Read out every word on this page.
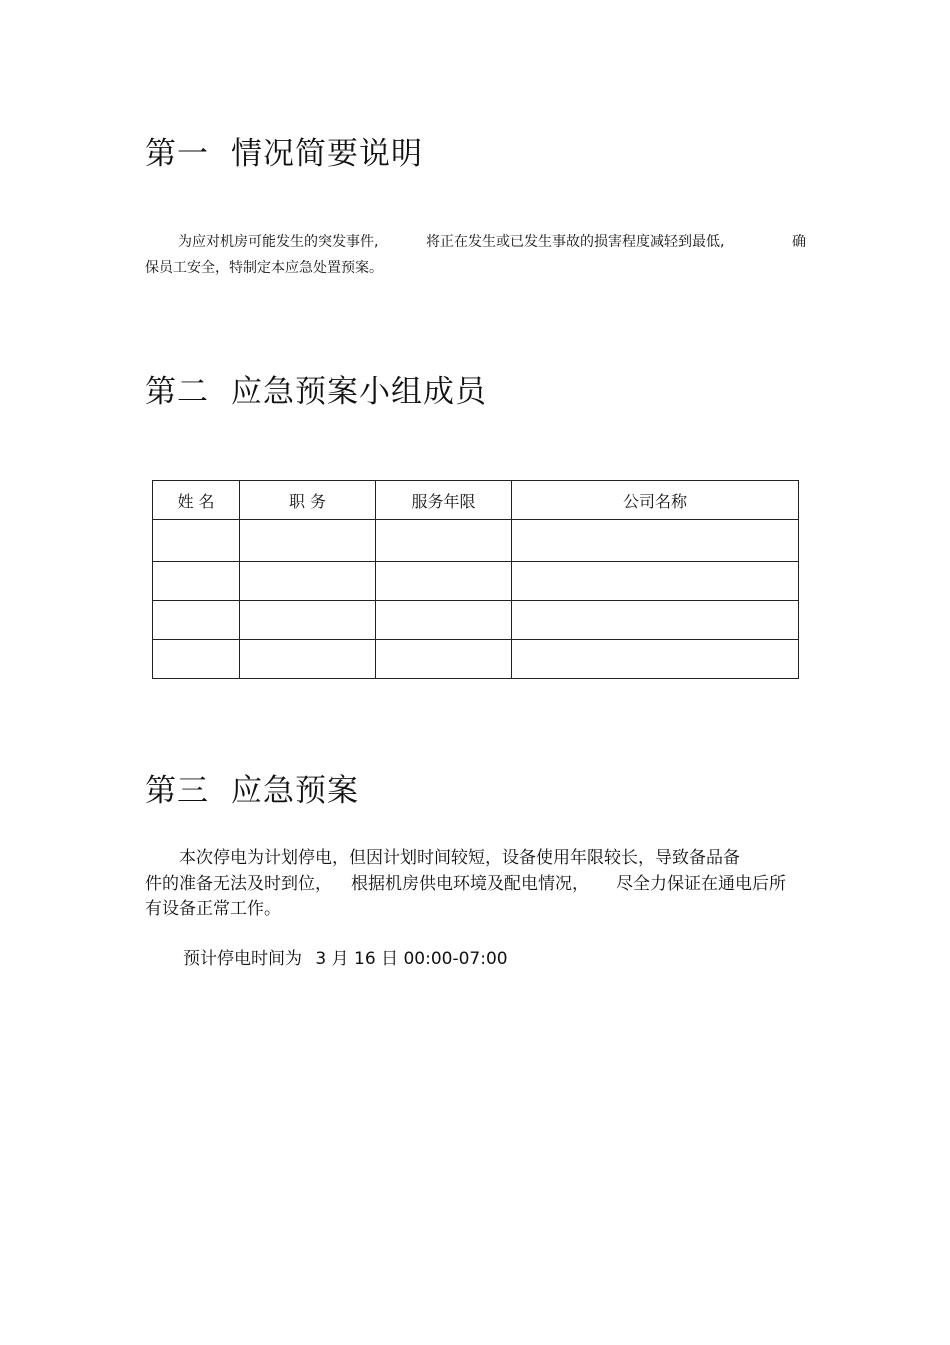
第一 情况简要说明
为应对机房可能发生的突发事件,	将正在发生或已发生事故的损害程度减轻到最低,	确
保员工安全，特制定本应急处置预案。
第二 应急预案小组成员
姓 名	职 务	服务年限	公司名称

第三 应急预案
本次停电为计划停电，但因计划时间较短，设备使用年限较长，导致备品备
件的准备无法及时到位， 根据机房供电环境及配电情况， 尽全力保证在通电后所
有设备正常工作。
预计停电时间为 3 月 16 日 00:00-07:00
